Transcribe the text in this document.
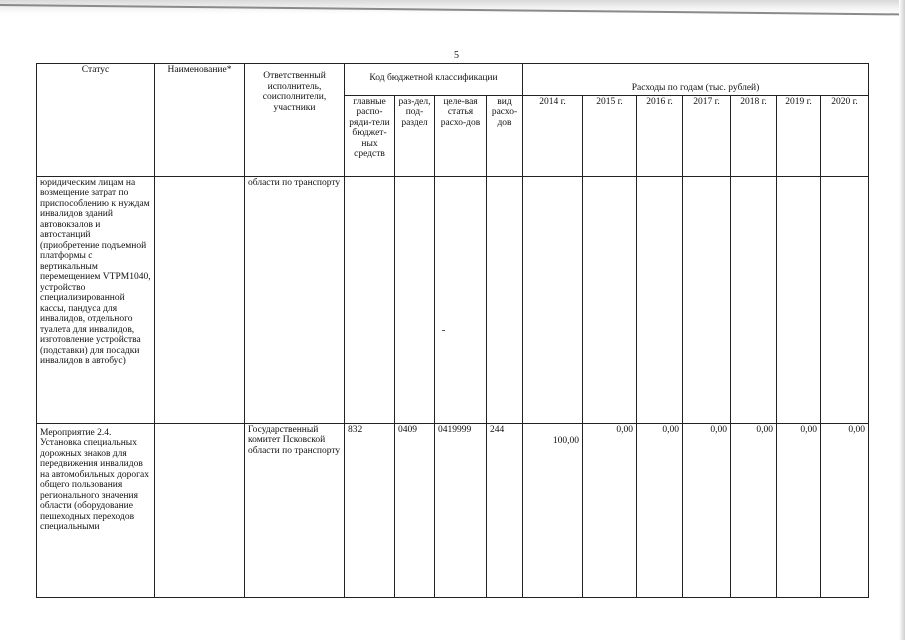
5
Статус	Наименование*	Ответственный исполнитель, соисполнители, участники	Код бюджетной классификации				Расходы по годам (тыс. рублей)						
			главные распо-ряди-тели бюджет-ных средств	раз-дел, под-раздел	целе-вая статья расхо-дов	вид расхо-дов	2014 г.	2015 г.	2016 г.	2017 г.	2018 г.	2019 г.	2020 г.

юридическим лицам на возмещение затрат по приспособлению к нуждам инвалидов зданий автовокзалов и автостанций (приобретение подъемной платформы с вертикальным перемещением VTPM1040, устройство специализированной кассы, пандуса для инвалидов, отдельного туалета для инвалидов, изготовление устройства (подставки) для посадки инвалидов в автобус)		области по транспорту											
Мероприятие 2.4. Установка специальных дорожных знаков для передвижения инвалидов на автомобильных дорогах общего пользования регионального значения области (оборудование пешеходных переходов специальными		Государственный комитет Псковской области по транспорту	832	0409	0419999	244	100,00	0,00	0,00	0,00	0,00	0,00	0,00
